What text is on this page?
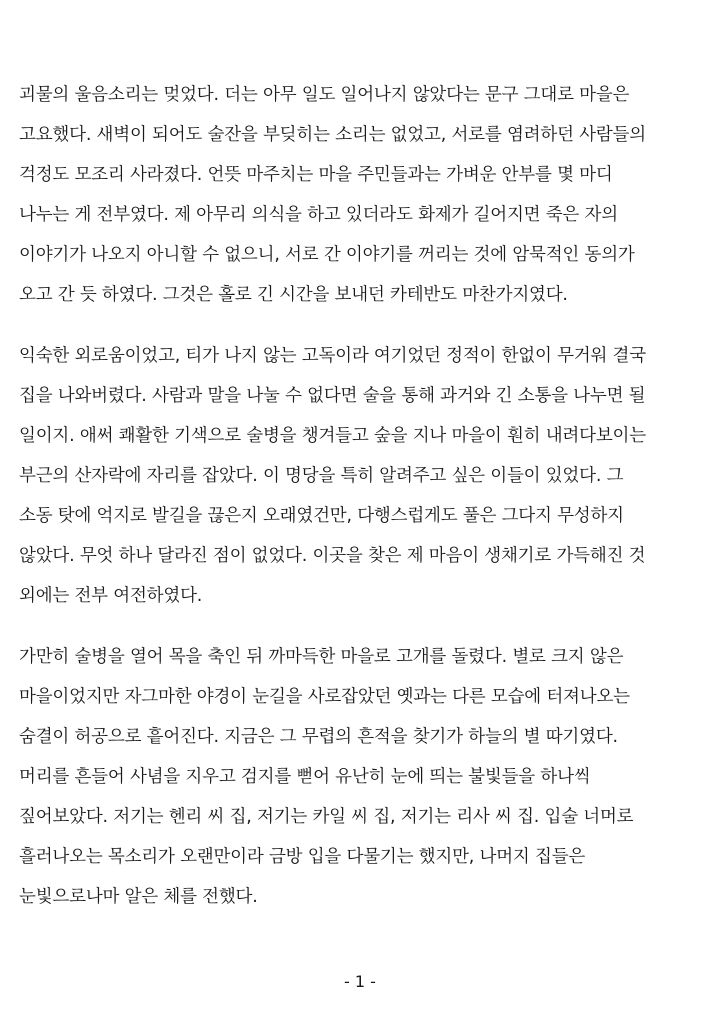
괴물의 울음소리는 멎었다. 더는 아무 일도 일어나지 않았다는 문구 그대로 마을은
고요했다. 새벽이 되어도 술잔을 부딪히는 소리는 없었고, 서로를 염려하던 사람들의
걱정도 모조리 사라졌다. 언뜻 마주치는 마을 주민들과는 가벼운 안부를 몇 마디
나누는 게 전부였다. 제 아무리 의식을 하고 있더라도 화제가 길어지면 죽은 자의
이야기가 나오지 아니할 수 없으니, 서로 간 이야기를 꺼리는 것에 암묵적인 동의가
오고 간 듯 하였다. 그것은 홀로 긴 시간을 보내던 카테반도 마찬가지였다.
익숙한 외로움이었고, 티가 나지 않는 고독이라 여기었던 정적이 한없이 무거워 결국
집을 나와버렸다. 사람과 말을 나눌 수 없다면 술을 통해 과거와 긴 소통을 나누면 될
일이지. 애써 쾌활한 기색으로 술병을 챙겨들고 숲을 지나 마을이 훤히 내려다보이는
부근의 산자락에 자리를 잡았다. 이 명당을 특히 알려주고 싶은 이들이 있었다. 그
소동 탓에 억지로 발길을 끊은지 오래였건만, 다행스럽게도 풀은 그다지 무성하지
않았다. 무엇 하나 달라진 점이 없었다. 이곳을 찾은 제 마음이 생채기로 가득해진 것
외에는 전부 여전하였다.
가만히 술병을 열어 목을 축인 뒤 까마득한 마을로 고개를 돌렸다. 별로 크지 않은
마을이었지만 자그마한 야경이 눈길을 사로잡았던 옛과는 다른 모습에 터져나오는
숨결이 허공으로 흩어진다. 지금은 그 무렵의 흔적을 찾기가 하늘의 별 따기였다.
머리를 흔들어 사념을 지우고 검지를 뻗어 유난히 눈에 띄는 불빛들을 하나씩
짚어보았다. 저기는 헨리 씨 집, 저기는 카일 씨 집, 저기는 리사 씨 집. 입술 너머로
흘러나오는 목소리가 오랜만이라 금방 입을 다물기는 했지만, 나머지 집들은
눈빛으로나마 알은 체를 전했다.
- 1 -
